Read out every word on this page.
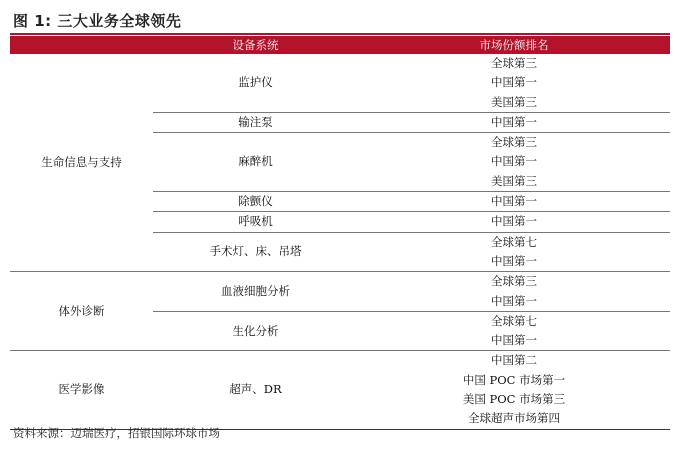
图 1: 三大业务全球领先
	设备系统	市场份额排名
生命信息与支持	监护仪	全球第三
		中国第一
		美国第三
	输注泵	中国第一
	麻醉机	全球第三
		中国第一
		美国第三
	除颤仪	中国第一
	呼吸机	中国第一
	手术灯、床、吊塔	全球第七
		中国第一
体外诊断	血液细胞分析	全球第三
		中国第一
	生化分析	全球第七
		中国第一
医学影像	超声、DR	中国第二
		中国 POC 市场第一
		美国 POC 市场第三
		全球超声市场第四
资料来源：迈瑞医疗，招银国际环球市场
